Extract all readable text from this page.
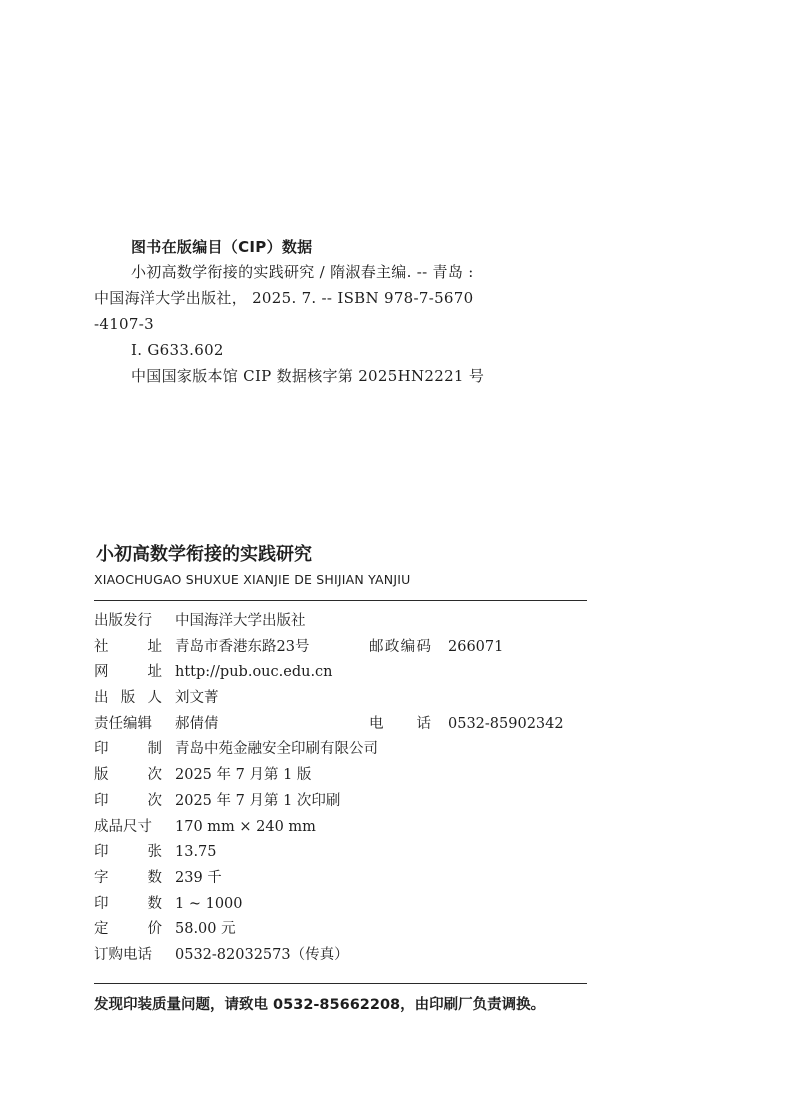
图书在版编目（CIP）数据
小初高数学衔接的实践研究 / 隋淑春主编. -- 青岛 :
中国海洋大学出版社， 2025. 7. -- ISBN 978-7-5670
-4107-3
Ⅰ. G633.602
中国国家版本馆 CIP 数据核字第 2025HN2221 号
小初高数学衔接的实践研究
XIAOCHUGAO SHUXUE XIANJIE DE SHIJIAN YANJIU
出版发行	中国海洋大学出版社
社	址 青岛市香港东路23号	邮 政 编 码 266071
网	址 http://pub.ouc.edu.cn
出 版 人 刘文菁
责任编辑	郝倩倩	电 话 0532-85902342
印	制 青岛中苑金融安全印刷有限公司
版	次 2025 年 7 月第 1 版
印	次 2025 年 7 月第 1 次印刷
成品尺寸	170 mm × 240 mm
印	张 13.75
字	数 239 千
印	数 1 ~ 1000
定	价 58.00 元
订购电话	0532-82032573（传真）
发现印装质量问题，请致电 0532-85662208，由印刷厂负责调换。
